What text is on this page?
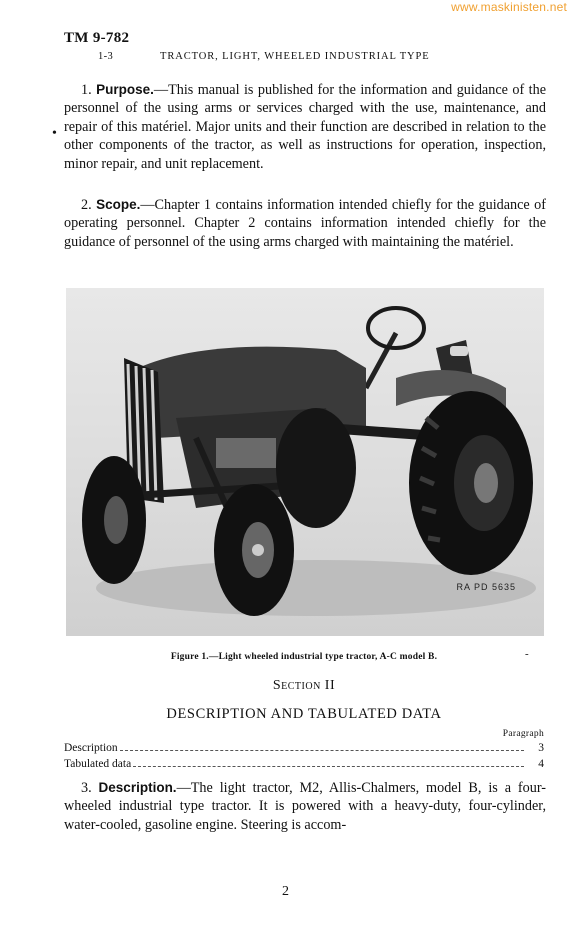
www.maskinisten.net
TM 9-782
1-3	TRACTOR, LIGHT, WHEELED INDUSTRIAL TYPE

1. Purpose.—This manual is published for the information and guidance of the personnel of the using arms or services charged with the use, maintenance, and repair of this matériel. Major units and their function are described in relation to the other components of the tractor, as well as instructions for operation, inspection, minor repair, and unit replacement.

•

2. Scope.—Chapter 1 contains information intended chiefly for the guidance of operating personnel. Chapter 2 contains information intended chiefly for the guidance of personnel of the using arms charged with maintaining the matériel.

RA PD 5635
Figure 1.—Light wheeled industrial type tractor, A-C model B.	-
Section II
DESCRIPTION AND TABULATED DATA
Paragraph
Description	3
Tabulated data	4

3. Description.—The light tractor, M2, Allis-Chalmers, model B, is a four-wheeled industrial type tractor. It is powered with a heavy-duty, four-cylinder, water-cooled, gasoline engine. Steering is accom-

2
